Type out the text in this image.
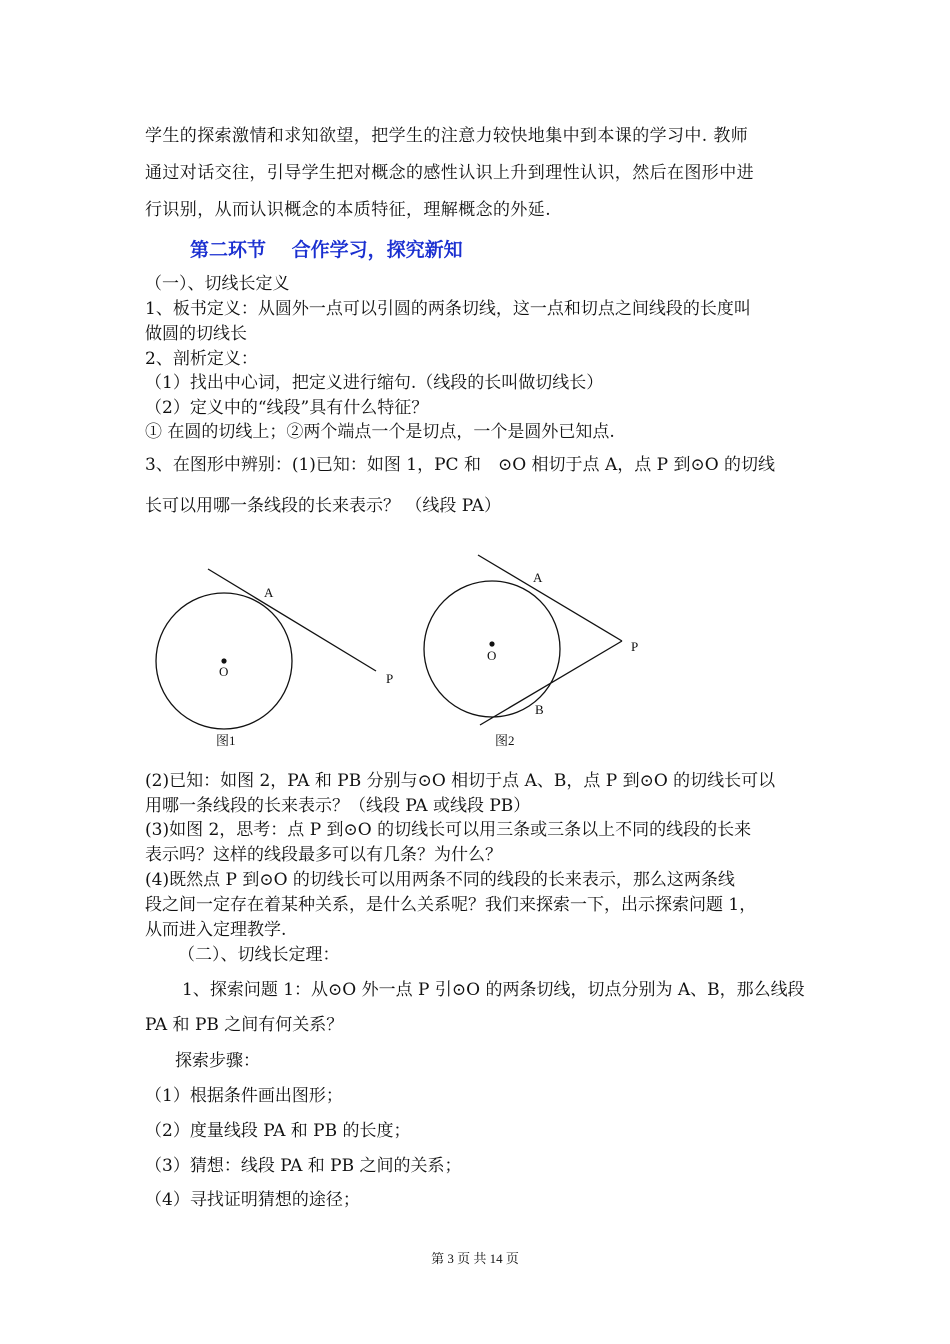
学生的探索激情和求知欲望，把学生的注意力较快地集中到本课的学习中. 教师
通过对话交往，引导学生把对概念的感性认识上升到理性认识，然后在图形中进
行识别，从而认识概念的本质特征，理解概念的外延.
第二环节　 合作学习，探究新知
（一）、切线长定义
1、板书定义：从圆外一点可以引圆的两条切线，这一点和切点之间线段的长度叫
做圆的切线长
2、剖析定义：
（1）找出中心词，把定义进行缩句.（线段的长叫做切线长）
（2）定义中的“线段”具有什么特征？
① 在圆的切线上；②两个端点一个是切点，一个是圆外已知点.
3、在图形中辨别：(1)已知：如图 1，PC 和　⊙O 相切于点 A，点 P 到⊙O 的切线
长可以用哪一条线段的长来表示？ （线段 PA）
A
O	P
图1
A
O
P
B
图2
(2)已知：如图 2，PA 和 PB 分别与⊙O 相切于点 A、B，点 P 到⊙O 的切线长可以
用哪一条线段的长来表示？（线段 PA 或线段 PB）
(3)如图 2，思考：点 P 到⊙O 的切线长可以用三条或三条以上不同的线段的长来
表示吗？这样的线段最多可以有几条？为什么？
(4)既然点 P 到⊙O 的切线长可以用两条不同的线段的长来表示，那么这两条线
段之间一定存在着某种关系，是什么关系呢？我们来探索一下，出示探索问题 1，
从而进入定理教学.
（二）、切线长定理：
1、探索问题 1：从⊙O 外一点 P 引⊙O 的两条切线，切点分别为 A、B，那么线段
PA 和 PB 之间有何关系？
探索步骤：
（1）根据条件画出图形；
（2）度量线段 PA 和 PB 的长度；
（3）猜想：线段 PA 和 PB 之间的关系；
（4）寻找证明猜想的途径；
第 3 页 共 14 页
